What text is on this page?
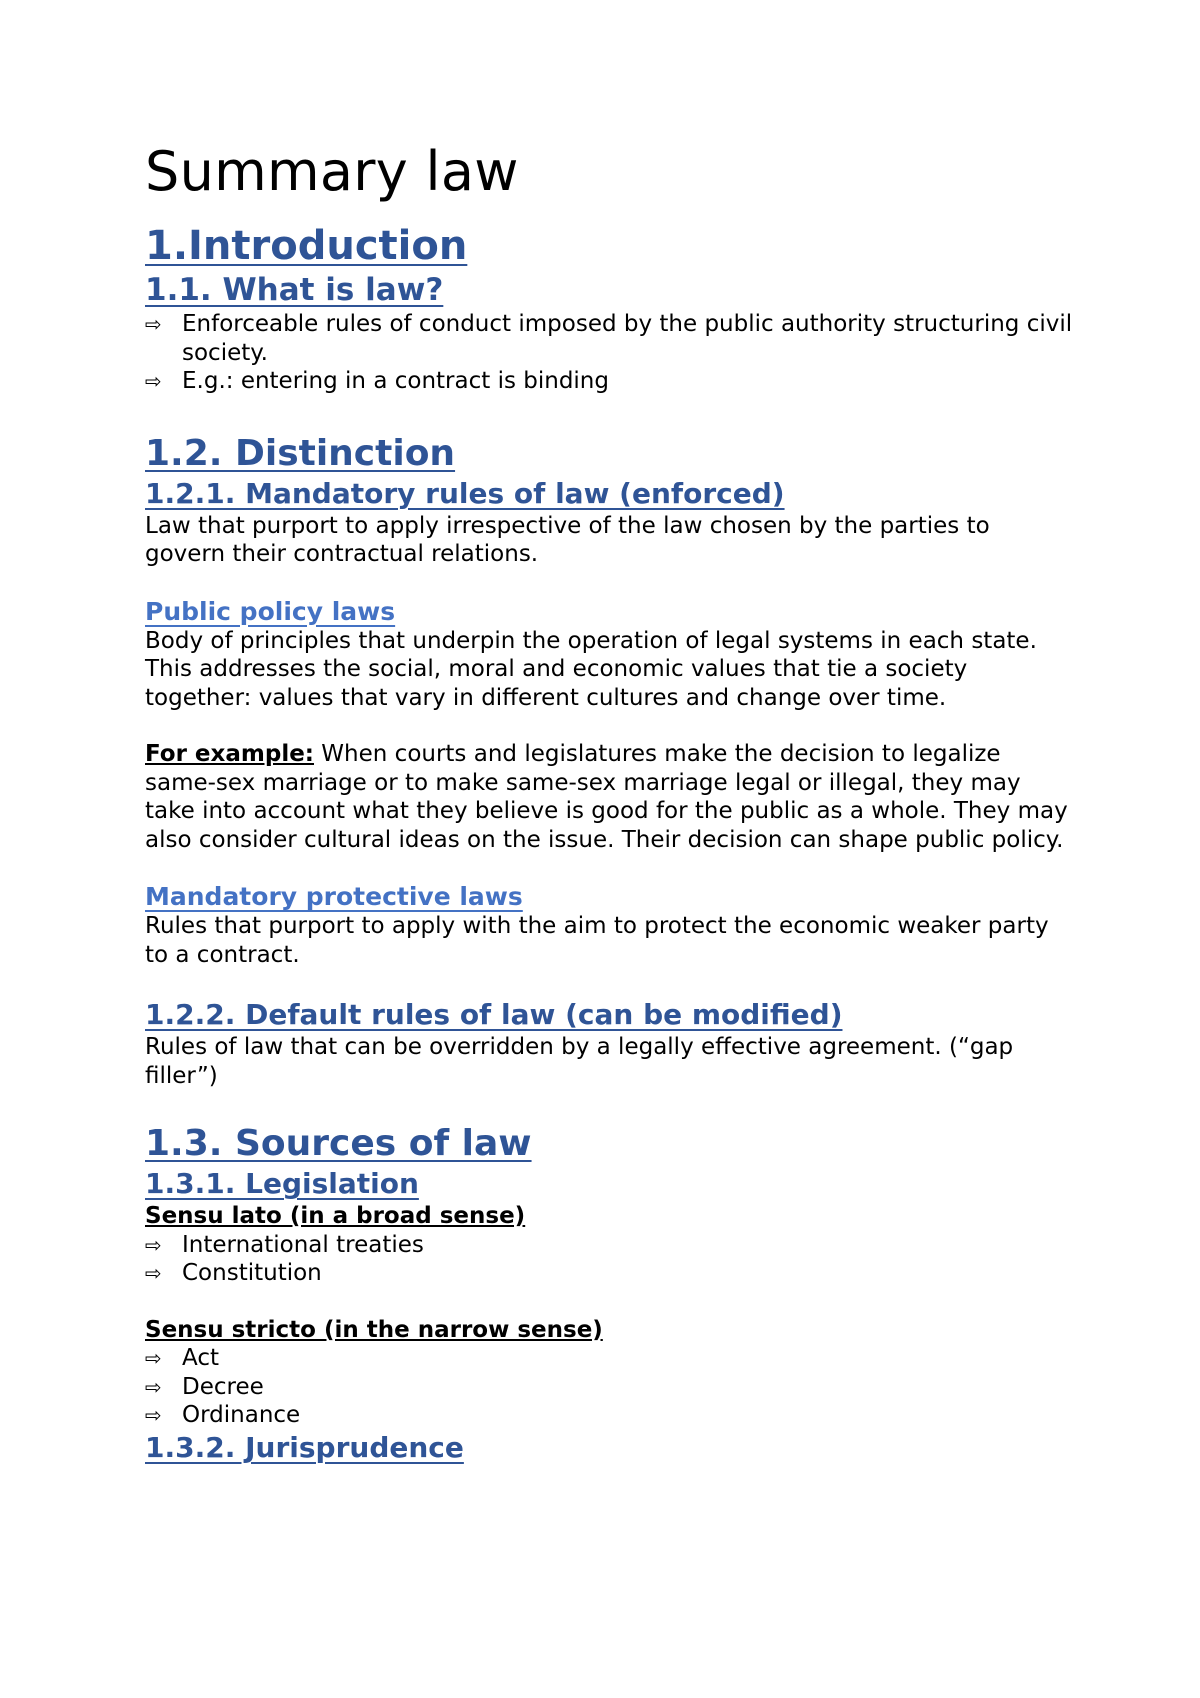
Summary law
1.Introduction
1.1. What is law?
⇨ Enforceable rules of conduct imposed by the public authority structuring civil society.
⇨ E.g.: entering in a contract is binding
1.2. Distinction
1.2.1. Mandatory rules of law (enforced)

Law that purport to apply irrespective of the law chosen by the parties to govern their contractual relations.

Public policy laws

Body of principles that underpin the operation of legal systems in each state. This addresses the social, moral and economic values that tie a society together: values that vary in different cultures and change over time.

For example: When courts and legislatures make the decision to legalize same-sex marriage or to make same-sex marriage legal or illegal, they may take into account what they believe is good for the public as a whole. They may also consider cultural ideas on the issue. Their decision can shape public policy.

Mandatory protective laws

Rules that purport to apply with the aim to protect the economic weaker party to a contract.

1.2.2. Default rules of law (can be modified)

Rules of law that can be overridden by a legally effective agreement. (“gap filler”)

1.3. Sources of law
1.3.1. Legislation

Sensu lato (in a broad sense)

⇨ International treaties
⇨ Constitution

Sensu stricto (in the narrow sense)

⇨ Act
⇨ Decree
⇨ Ordinance
1.3.2. Jurisprudence
